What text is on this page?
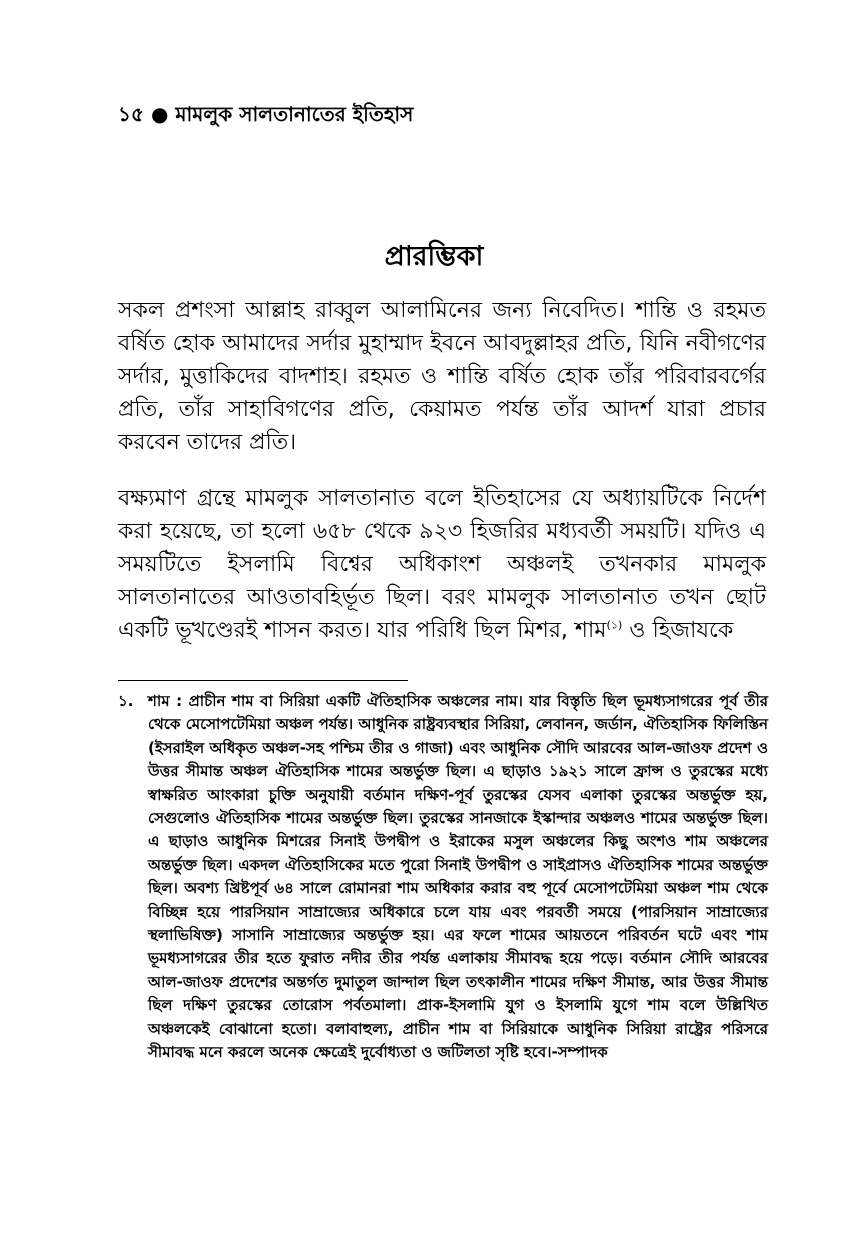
১৫ ● মামলুক সালতানাতের ইতিহাস
প্রারম্ভিকা

সকল প্রশংসা আল্লাহ রাব্বুল আলামিনের জন্য নিবেদিত। শান্তি ও রহমত বর্ষিত হোক আমাদের সর্দার মুহাম্মাদ ইবনে আবদুল্লাহর প্রতি, যিনি নবীগণের সর্দার, মুত্তাকিদের বাদশাহ। রহমত ও শান্তি বর্ষিত হোক তাঁর পরিবারবর্গের প্রতি, তাঁর সাহাবিগণের প্রতি, কেয়ামত পর্যন্ত তাঁর আদর্শ যারা প্রচার করবেন তাদের প্রতি।

বক্ষ্যমাণ গ্রন্থে মামলুক সালতানাত বলে ইতিহাসের যে অধ্যায়টিকে নির্দেশ করা হয়েছে, তা হলো ৬৫৮ থেকে ৯২৩ হিজরির মধ্যবর্তী সময়টি। যদিও এ সময়টিতে ইসলামি বিশ্বের অধিকাংশ অঞ্চলই তখনকার মামলুক সালতানাতের আওতাবহির্ভূত ছিল। বরং মামলুক সালতানাত তখন ছোট একটি ভূখণ্ডেরই শাসন করত। যার পরিধি ছিল মিশর, শাম$^{(১)}$ ও হিজাযকে

১. শাম : প্রাচীন শাম বা সিরিয়া একটি ঐতিহাসিক অঞ্চলের নাম। যার বিস্তৃতি ছিল ভূমধ্যসাগরের পূর্ব তীর থেকে মেসোপটেমিয়া অঞ্চল পর্যন্ত। আধুনিক রাষ্ট্রব্যবস্থার সিরিয়া, লেবানন, জর্ডান, ঐতিহাসিক ফিলিস্তিন (ইসরাইল অধিকৃত অঞ্চল-সহ পশ্চিম তীর ও গাজা) এবং আধুনিক সৌদি আরবের আল-জাওফ প্রদেশ ও উত্তর সীমান্ত অঞ্চল ঐতিহাসিক শামের অন্তর্ভুক্ত ছিল। এ ছাড়াও ১৯২১ সালে ফ্রান্স ও তুরস্কের মধ্যে স্বাক্ষরিত আংকারা চুক্তি অনুযায়ী বর্তমান দক্ষিণ-পূর্ব তুরস্কের যেসব এলাকা তুরস্কের অন্তর্ভুক্ত হয়, সেগুলোও ঐতিহাসিক শামের অন্তর্ভুক্ত ছিল। তুরস্কের সানজাকে ইস্কান্দার অঞ্চলও শামের অন্তর্ভুক্ত ছিল। এ ছাড়াও আধুনিক মিশরের সিনাই উপদ্বীপ ও ইরাকের মসুল অঞ্চলের কিছু অংশও শাম অঞ্চলের অন্তর্ভুক্ত ছিল। একদল ঐতিহাসিকের মতে পুরো সিনাই উপদ্বীপ ও সাইপ্রাসও ঐতিহাসিক শামের অন্তর্ভুক্ত ছিল। অবশ্য খ্রিষ্টপূর্ব ৬৪ সালে রোমানরা শাম অধিকার করার বহু পূর্বে মেসোপটেমিয়া অঞ্চল শাম থেকে বিচ্ছিন্ন হয়ে পারসিয়ান সাম্রাজ্যের অধিকারে চলে যায় এবং পরবর্তী সময়ে (পারসিয়ান সাম্রাজ্যের স্থলাভিষিক্ত) সাসানি সাম্রাজ্যের অন্তর্ভুক্ত হয়। এর ফলে শামের আয়তনে পরিবর্তন ঘটে এবং শাম ভূমধ্যসাগরের তীর হতে ফুরাত নদীর তীর পর্যন্ত এলাকায় সীমাবদ্ধ হয়ে পড়ে। বর্তমান সৌদি আরবের আল-জাওফ প্রদেশের অন্তর্গত দুমাতুল জান্দাল ছিল তৎকালীন শামের দক্ষিণ সীমান্ত, আর উত্তর সীমান্ত ছিল দক্ষিণ তুরস্কের তোরোস পর্বতমালা। প্রাক-ইসলামি যুগ ও ইসলামি যুগে শাম বলে উল্লিখিত অঞ্চলকেই বোঝানো হতো। বলাবাহুল্য, প্রাচীন শাম বা সিরিয়াকে আধুনিক সিরিয়া রাষ্ট্রের পরিসরে সীমাবদ্ধ মনে করলে অনেক ক্ষেত্রেই দুর্বোধ্যতা ও জটিলতা সৃষ্টি হবে।-সম্পাদক
